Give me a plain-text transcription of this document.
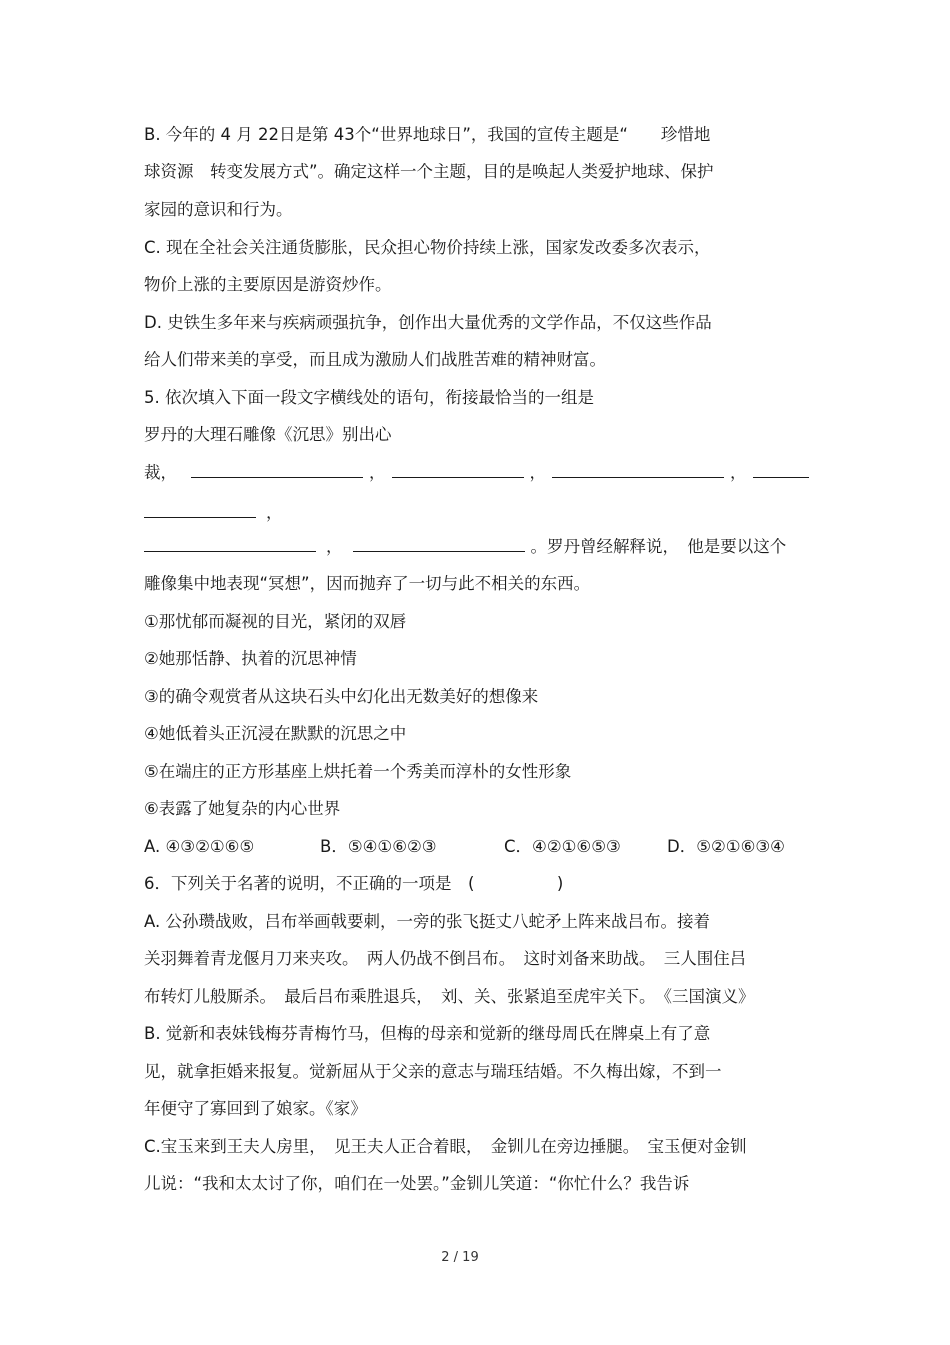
B. 今年的 4 月 22日是第 43个“世界地球日”，我国的宣传主题是“　　珍惜地

球资源　转变发展方式”。确定这样一个主题，目的是唤起人类爱护地球、保护

家园的意识和行为。

C. 现在全社会关注通货膨胀，民众担心物价持续上涨，国家发改委多次表示，

物价上涨的主要原因是游资炒作。

D. 史铁生多年来与疾病顽强抗争，创作出大量优秀的文学作品，不仅这些作品

给人们带来美的享受，而且成为激励人们战胜苦难的精神财富。

5. 依次填入下面一段文字横线处的语句，衔接最恰当的一组是

罗丹的大理石雕像《沉思》别出心

裁，	，	，	，

，

，	。罗丹曾经解释说，　他是要以这个

雕像集中地表现“冥想”，因而抛弃了一切与此不相关的东西。

①那忧郁而凝视的目光，紧闭的双唇

②她那恬静、执着的沉思神情

③的确令观赏者从这块石头中幻化出无数美好的想像来

④她低着头正沉浸在默默的沉思之中

⑤在端庄的正方形基座上烘托着一个秀美而淳朴的女性形象

⑥表露了她复杂的内心世界

A. ④③②①⑥⑤	B．⑤④①⑥②③	C．④②①⑥⑤③	D．⑤②①⑥③④

6．下列关于名著的说明，不正确的一项是　(　　　　　)

A. 公孙瓒战败，吕布举画戟要刺，一旁的张飞挺丈八蛇矛上阵来战吕布。接着

关羽舞着青龙偃月刀来夹攻。　两人仍战不倒吕布。　这时刘备来助战。　三人围住吕

布转灯儿般厮杀。　最后吕布乘胜退兵，　刘、关、张紧追至虎牢关下。　《三国演义》

B. 觉新和表妹钱梅芬青梅竹马，但梅的母亲和觉新的继母周氏在牌桌上有了意

见，就拿拒婚来报复。觉新屈从于父亲的意志与瑞珏结婚。不久梅出嫁，不到一

年便守了寡回到了娘家。《家》

C.宝玉来到王夫人房里，　见王夫人正合着眼，　金钏儿在旁边捶腿。　宝玉便对金钏

儿说：“我和太太讨了你，咱们在一处罢。”金钏儿笑道：“你忙什么？我告诉

2 / 19
